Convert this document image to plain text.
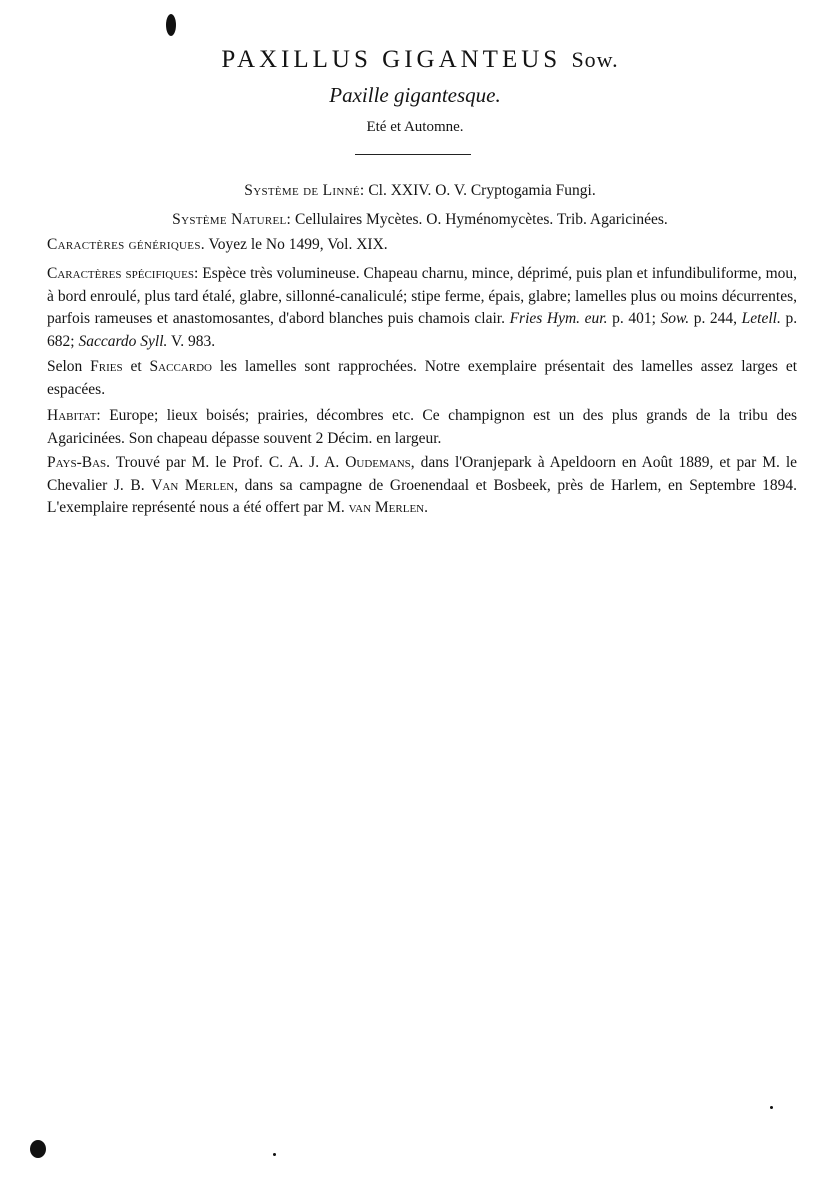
PAXILLUS GIGANTEUS Sow.
Paxille gigantesque.
Eté et Automne.
Système de Linné: Cl. XXIV. O. V. Cryptogamia Fungi.
Système Naturel: Cellulaires Mycètes. O. Hyménomycètes. Trib. Agaricinées.
Caractères génériques. Voyez le No 1499, Vol. XIX.
Caractères spécifiques: Espèce très volumineuse. Chapeau charnu, mince, déprimé, puis plan et infundibuliforme, mou, à bord enroulé, plus tard étalé, glabre, sillonné-canaliculé; stipe ferme, épais, glabre; lamelles plus ou moins décurrentes, parfois rameuses et anastomosantes, d'abord blanches puis chamois clair. Fries Hym. eur. p. 401; Sow. p. 244, Letell. p. 682; Saccardo Syll. V. 983.
Selon Fries et Saccardo les lamelles sont rapprochées. Notre exemplaire présentait des lamelles assez larges et espacées.
Habitat: Europe; lieux boisés; prairies, décombres etc. Ce champignon est un des plus grands de la tribu des Agaricinées. Son chapeau dépasse souvent 2 Décim. en largeur.
Pays-Bas. Trouvé par M. le Prof. C. A. J. A. Oudemans, dans l'Oranjepark à Apeldoorn en Août 1889, et par M. le Chevalier J. B. Van Merlen, dans sa campagne de Groenendaal et Bosbeek, près de Harlem, en Septembre 1894. L'exemplaire représenté nous a été offert par M. van Merlen.
